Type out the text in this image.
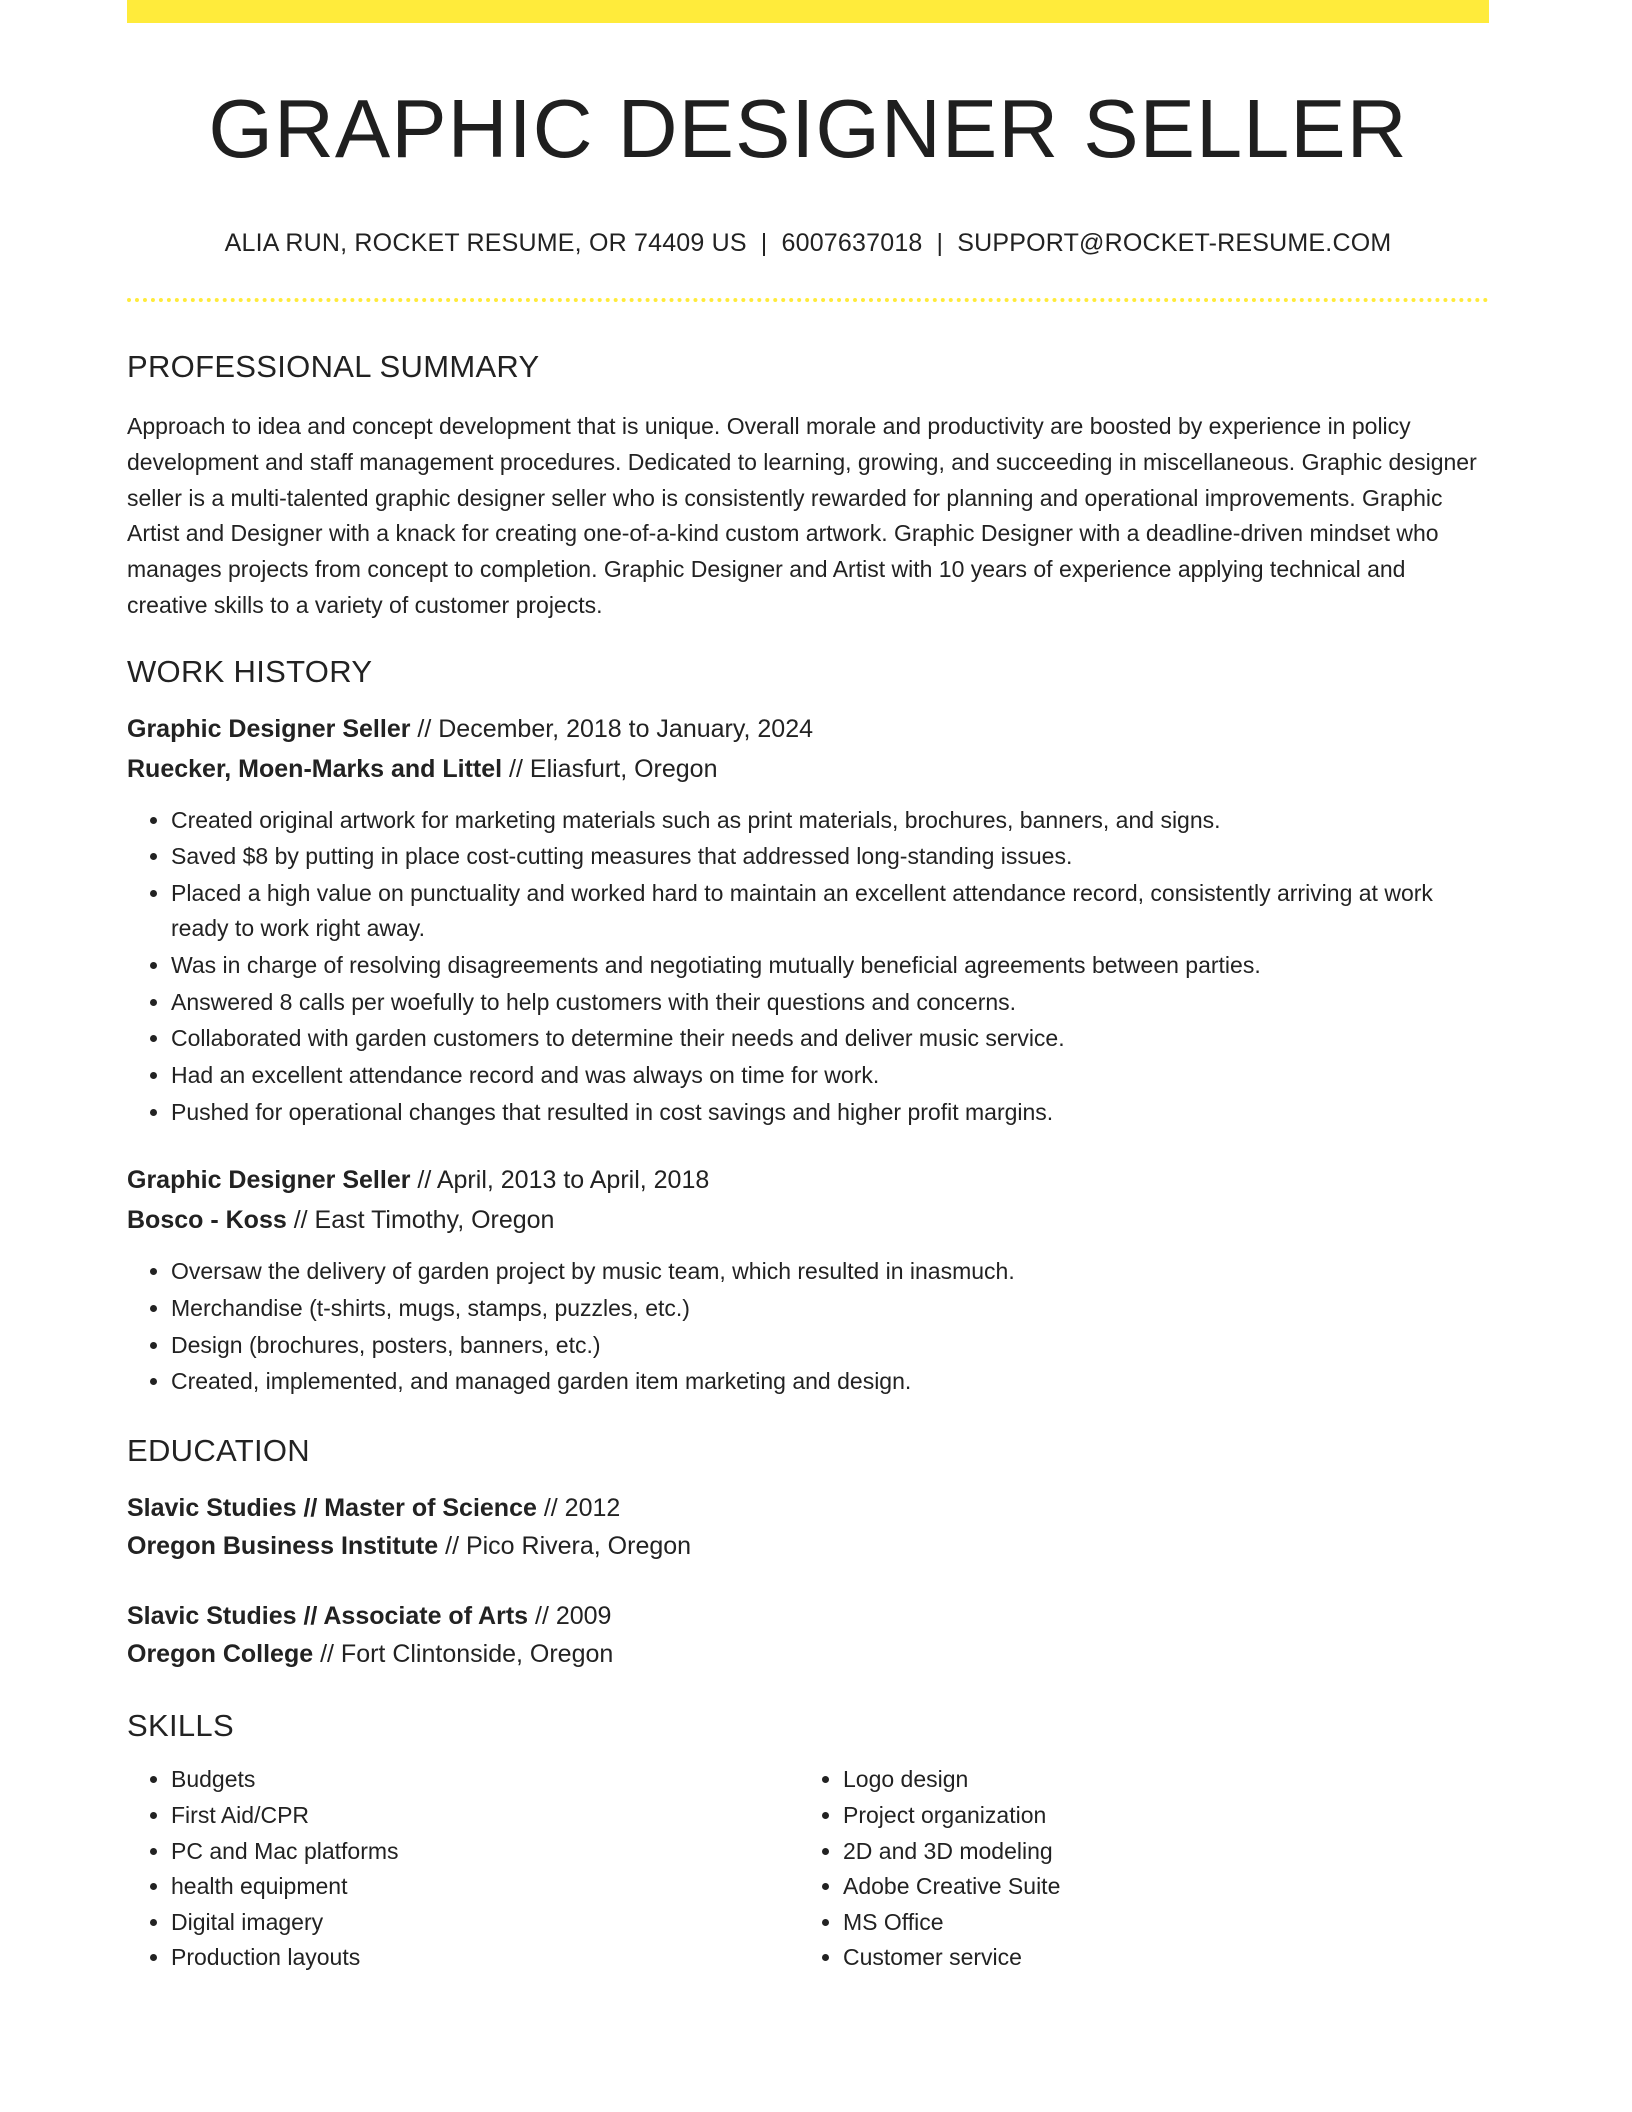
GRAPHIC DESIGNER SELLER
ALIA RUN, ROCKET RESUME, OR 74409 US | 6007637018 | SUPPORT@ROCKET-RESUME.COM
PROFESSIONAL SUMMARY

Approach to idea and concept development that is unique. Overall morale and productivity are boosted by experience in policy development and staff management procedures. Dedicated to learning, growing, and succeeding in miscellaneous. Graphic designer seller is a multi-talented graphic designer seller who is consistently rewarded for planning and operational improvements. Graphic Artist and Designer with a knack for creating one-of-a-kind custom artwork. Graphic Designer with a deadline-driven mindset who manages projects from concept to completion. Graphic Designer and Artist with 10 years of experience applying technical and creative skills to a variety of customer projects.

WORK HISTORY
Graphic Designer Seller // December, 2018 to January, 2024
Ruecker, Moen-Marks and Littel // Eliasfurt, Oregon
• Created original artwork for marketing materials such as print materials, brochures, banners, and signs.
• Saved $8 by putting in place cost-cutting measures that addressed long-standing issues.
• Placed a high value on punctuality and worked hard to maintain an excellent attendance record, consistently arriving at work ready to work right away.
• Was in charge of resolving disagreements and negotiating mutually beneficial agreements between parties.
• Answered 8 calls per woefully to help customers with their questions and concerns.
• Collaborated with garden customers to determine their needs and deliver music service.
• Had an excellent attendance record and was always on time for work.
• Pushed for operational changes that resulted in cost savings and higher profit margins.
Graphic Designer Seller // April, 2013 to April, 2018
Bosco - Koss // East Timothy, Oregon
• Oversaw the delivery of garden project by music team, which resulted in inasmuch.
• Merchandise (t-shirts, mugs, stamps, puzzles, etc.)
• Design (brochures, posters, banners, etc.)
• Created, implemented, and managed garden item marketing and design.
EDUCATION
Slavic Studies // Master of Science // 2012
Oregon Business Institute // Pico Rivera, Oregon
Slavic Studies // Associate of Arts // 2009
Oregon College // Fort Clintonside, Oregon
SKILLS
• Budgets
• First Aid/CPR
• PC and Mac platforms
• health equipment
• Digital imagery
• Production layouts
• Logo design
• Project organization
• 2D and 3D modeling
• Adobe Creative Suite
• MS Office
• Customer service
